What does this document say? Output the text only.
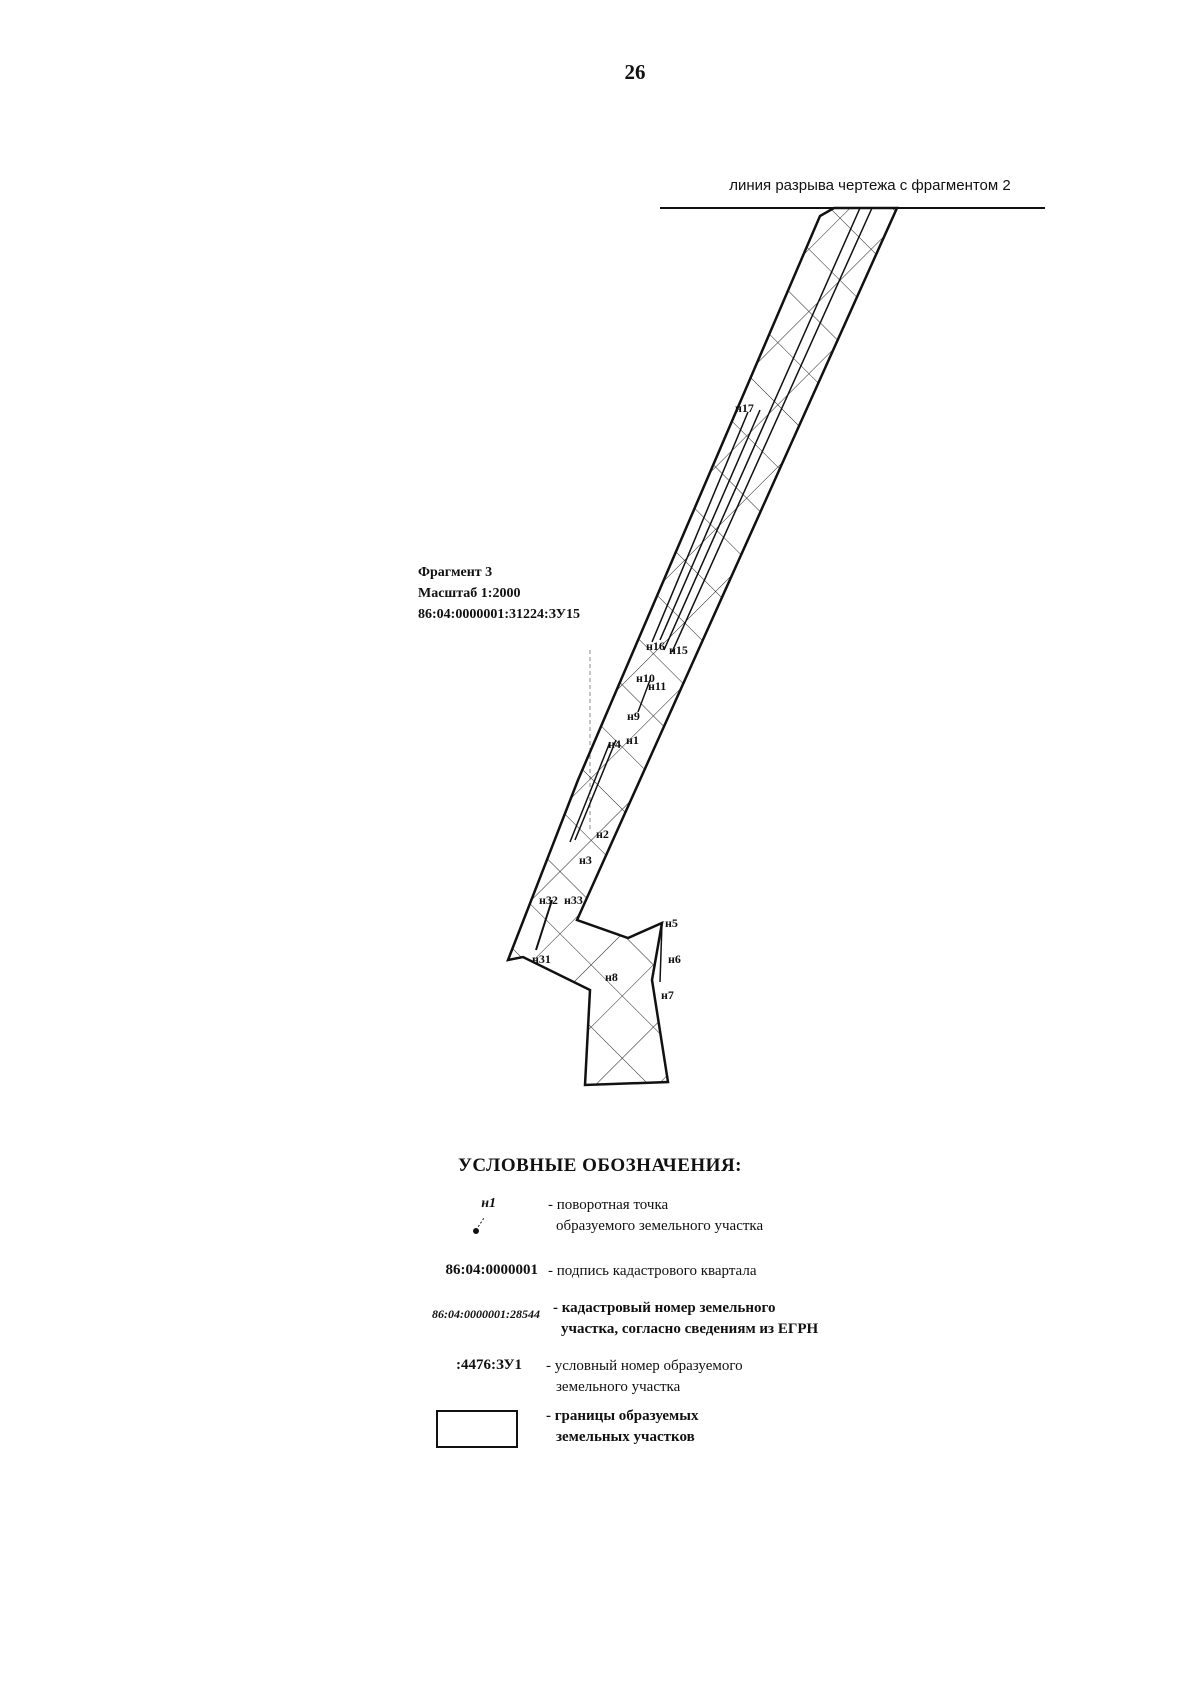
26
линия разрыва чертежа с фрагментом 2
Фрагмент 3
Масштаб 1:2000
86:04:0000001:31224:ЗУ15
н17
н16 н15
н10
н11
н9
н4 н1
н2
н3
н32 н33
н5
н6
н31
н8
н7
УСЛОВНЫЕ ОБОЗНАЧЕНИЯ:
н1	- поворотная точка
образуемого земельного участка
86:04:0000001 - подпись кадастрового квартала
86:04:0000001:28544 - кадастровый номер земельного
участка, согласно сведениям из ЕГРН
:4476:ЗУ1 - условный номер образуемого
земельного участка
- границы образуемых
земельных участков
